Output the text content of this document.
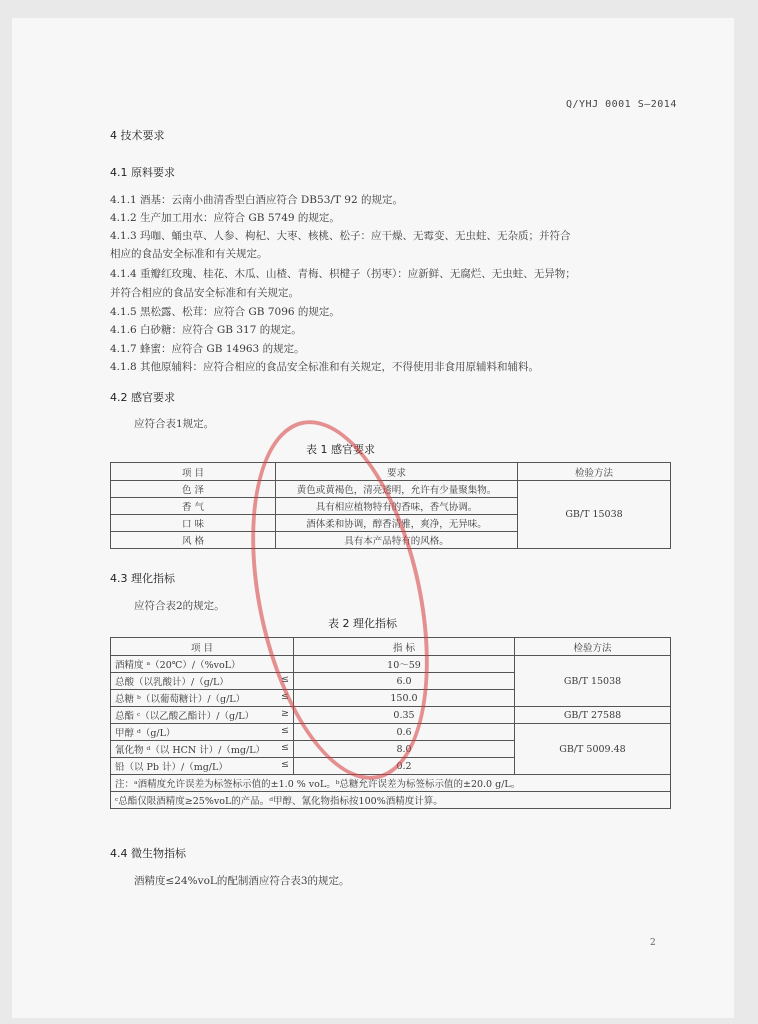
Q/YHJ 0001 S—2014
4 技术要求
4.1 原料要求
4.1.1 酒基：云南小曲清香型白酒应符合 DB53/T 92 的规定。
4.1.2 生产加工用水：应符合 GB 5749 的规定。
4.1.3 玛咖、蛹虫草、人参、枸杞、大枣、核桃、松子：应干燥、无霉变、无虫蛀、无杂质；并符合
相应的食品安全标准和有关规定。
4.1.4 重瓣红玫瑰、桂花、木瓜、山楂、青梅、枳楗子（拐枣）：应新鲜、无腐烂、无虫蛀、无异物；
并符合相应的食品安全标准和有关规定。
4.1.5 黑松露、松茸：应符合 GB 7096 的规定。
4.1.6 白砂糖：应符合 GB 317 的规定。
4.1.7 蜂蜜：应符合 GB 14963 的规定。
4.1.8 其他原辅料：应符合相应的食品安全标准和有关规定，不得使用非食用原辅料和辅料。
4.2 感官要求
应符合表1规定。
表 1 感官要求
项 目	要求	检验方法
色 泽	黄色或黄褐色，清亮透明，允许有少量聚集物。	GB/T 15038
香 气	具有相应植物特有的香味，香气协调。	
口 味	酒体柔和协调，醇香清雅，爽净，无异味。	
风 格	具有本产品特有的风格。	
4.3 理化指标
应符合表2的规定。
表 2 理化指标
项 目	指 标	检验方法
酒精度 ᵃ（20℃）/（%voL）	10～59	GB/T 15038
总酸（以乳酸计）/（g/L） ≤	6.0	
总糖 ᵇ（以葡萄糖计）/（g/L） ≤	150.0	
总酯 ᶜ（以乙酸乙酯计）/（g/L） ≥	0.35	GB/T 27588
甲醇 ᵈ（g/L） ≤	0.6	GB/T 5009.48
氰化物 ᵈ（以 HCN 计）/（mg/L） ≤	8.0	
铅（以 Pb 计）/（mg/L） ≤	0.2	
注：ᵃ酒精度允许误差为标签标示值的±1.0 % voL。ᵇ总糖允许误差为标签标示值的±20.0 g/L。		
ᶜ总酯仅限酒精度≥25%voL的产品。ᵈ甲醇、氰化物指标按100%酒精度计算。		
4.4 微生物指标
酒精度≤24%voL的配制酒应符合表3的规定。
2
